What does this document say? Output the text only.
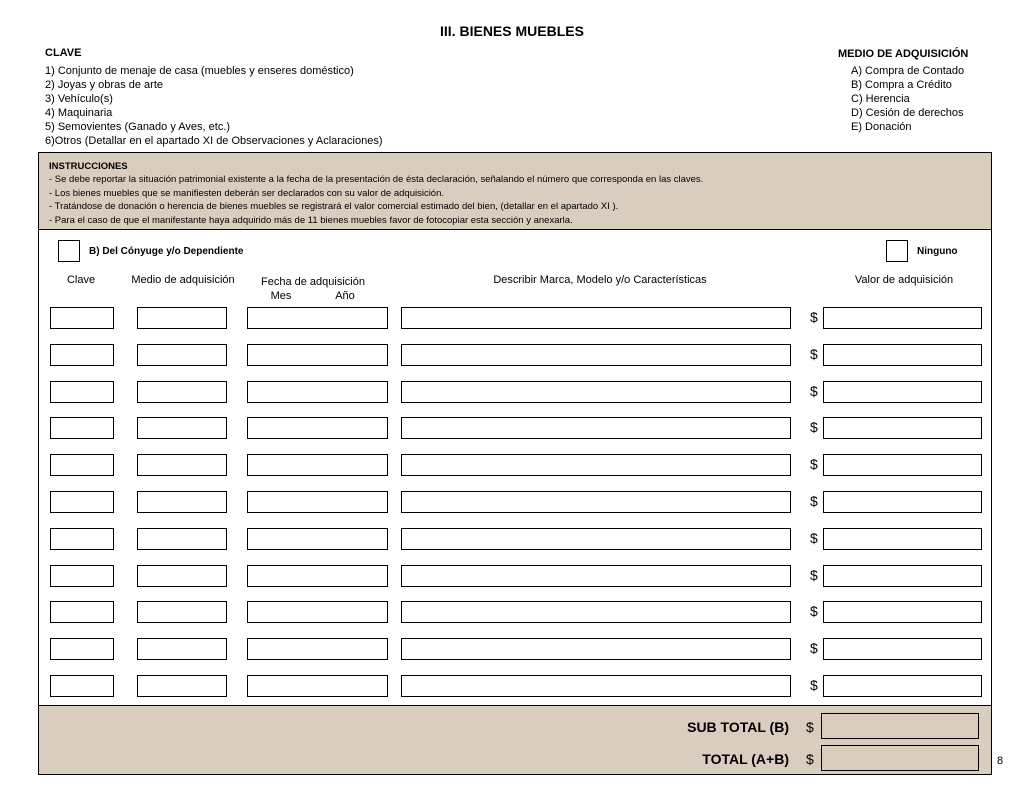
III. BIENES MUEBLES
CLAVE
1) Conjunto de menaje de casa (muebles y enseres doméstico)
2) Joyas y obras de arte
3) Vehículo(s)
4) Maquinaria
5) Semovientes (Ganado y Aves, etc.)
6)Otros (Detallar en el apartado XI de Observaciones y Aclaraciones)
MEDIO DE ADQUISICIÓN
A) Compra de Contado
B) Compra a Crédito
C) Herencia
D) Cesión de derechos
E) Donación
INSTRUCCIONES
- Se debe reportar la situación patrimonial existente a la fecha de la presentación de ésta declaración, señalando el número que corresponda en las claves.
- Los bienes muebles que se manifiesten deberán ser declarados con su valor de adquisición.
- Tratándose de donación o herencia de bienes muebles se registrará el valor comercial estimado del bien, (detallar en el apartado XI ).
- Para el caso de que el manifestante haya adquirido más de 11 bienes muebles favor de fotocopiar esta sección y anexarla.
B) Del Cónyuge y/o Dependiente	Ninguno
Clave	Medio de adquisición	Fecha de adquisición
Mes	Año
Describir Marca, Modelo y/o Características	Valor de adquisición
$
$
$
$
$
$
$
$
$
$
$
SUB TOTAL (B) $
TOTAL (A+B) $	8
